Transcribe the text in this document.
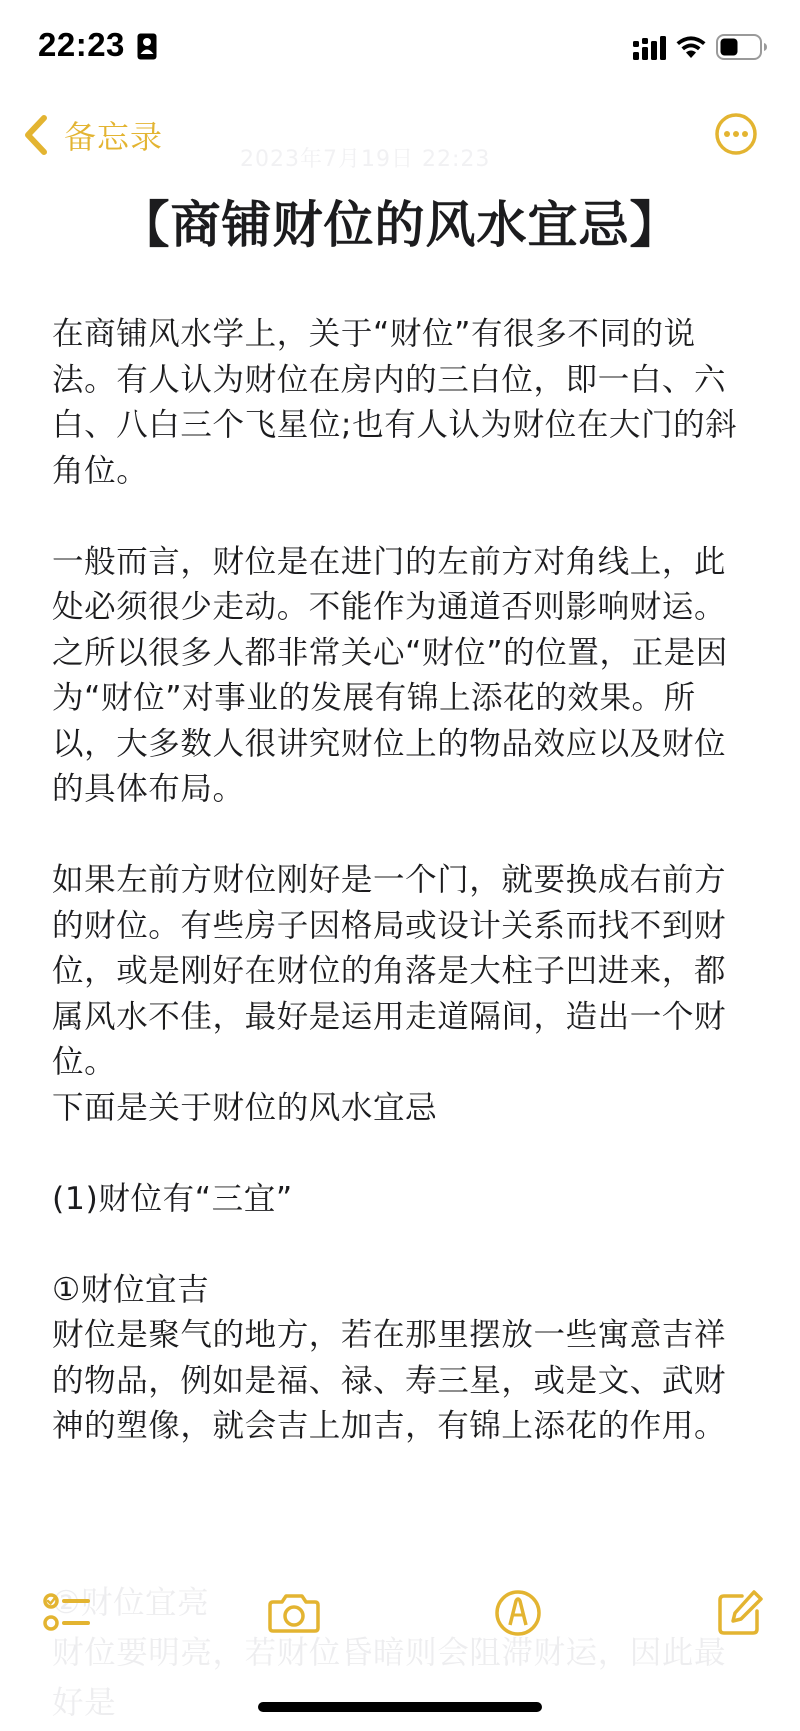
22:23
备忘录
2023年7月19日 22:23
【商铺财位的风水宜忌】

在商铺风水学上，关于“财位”有很多不同的说法。有人认为财位在房内的三白位，即一白、六白、八白三个飞星位;也有人认为财位在大门的斜角位。

一般而言，财位是在进门的左前方对角线上，此处必须很少走动。不能作为通道否则影响财运。之所以很多人都非常关心“财位”的位置，正是因为“财位”对事业的发展有锦上添花的效果。所以，大多数人很讲究财位上的物品效应以及财位的具体布局。

如果左前方财位刚好是一个门，就要换成右前方的财位。有些房子因格局或设计关系而找不到财位，或是刚好在财位的角落是大柱子凹进来，都属风水不佳，最好是运用走道隔间，造出一个财位。

下面是关于财位的风水宜忌

(1)财位有“三宜”

①财位宜吉

财位是聚气的地方，若在那里摆放一些寓意吉祥的物品，例如是福、禄、寿三星，或是文、武财神的塑像，就会吉上加吉，有锦上添花的作用。

②财位宜亮
财位要明亮，若财位昏暗则会阻滞财运，因此最好是
